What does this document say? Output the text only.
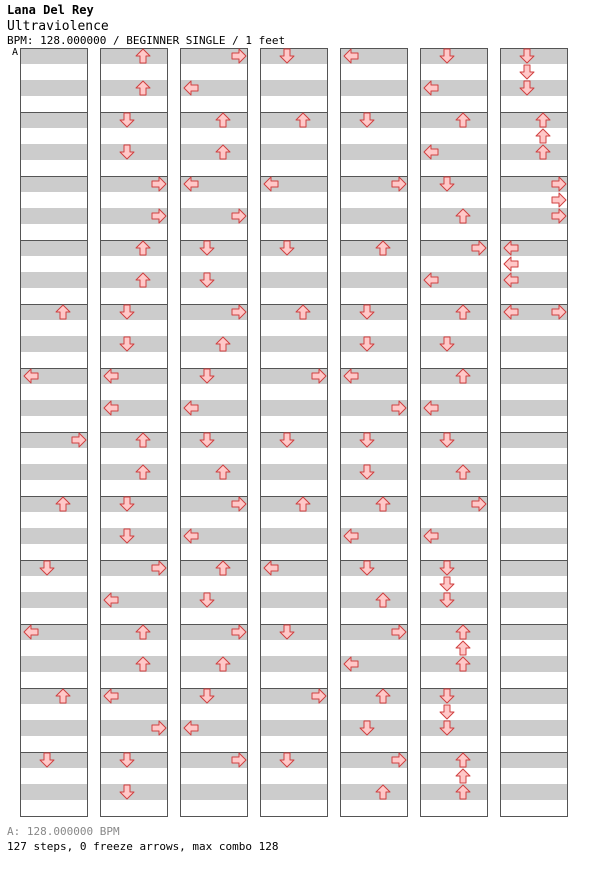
Lana Del Rey
Ultraviolence
BPM: 128.000000 / BEGINNER SINGLE / 1 feet
A
A: 128.000000 BPM
127 steps, 0 freeze arrows, max combo 128
